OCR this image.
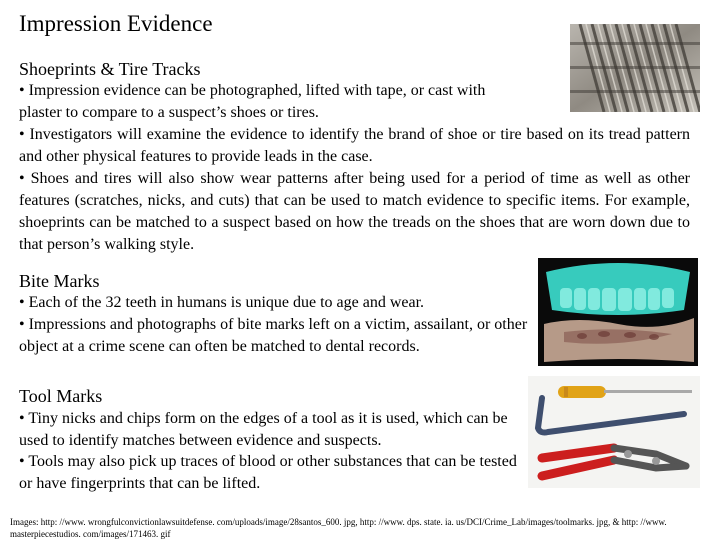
Impression Evidence
Shoeprints & Tire Tracks
• Impression evidence can be photographed, lifted with tape, or cast with
plaster to compare to a suspect’s shoes or tires.
• Investigators will examine the evidence to identify the brand of shoe or tire based on its tread pattern and other physical features to provide leads in the case.
• Shoes and tires will also show wear patterns after being used for a period of time as well as other features (scratches, nicks, and cuts) that can be used to match evidence to specific items. For example, shoeprints can be matched to a suspect based on how the treads on the shoes that are worn down due to that person’s walking style.
Bite Marks
• Each of the 32 teeth in humans is unique due to age and wear.
• Impressions and photographs of bite marks left on a victim, assailant, or other object at a crime scene can often be matched to dental records.
Tool Marks
• Tiny nicks and chips form on the edges of a tool as it is used, which can be used to identify matches between evidence and suspects.
• Tools may also pick up traces of blood or other substances that can be tested or have fingerprints that can be lifted.
Images: http: //www. wrongfulconvictionlawsuitdefense. com/uploads/image/28santos_600. jpg, http: //www. dps. state. ia. us/DCI/Crime_Lab/images/toolmarks. jpg, & http: //www. masterpiecestudios. com/images/171463. gif
